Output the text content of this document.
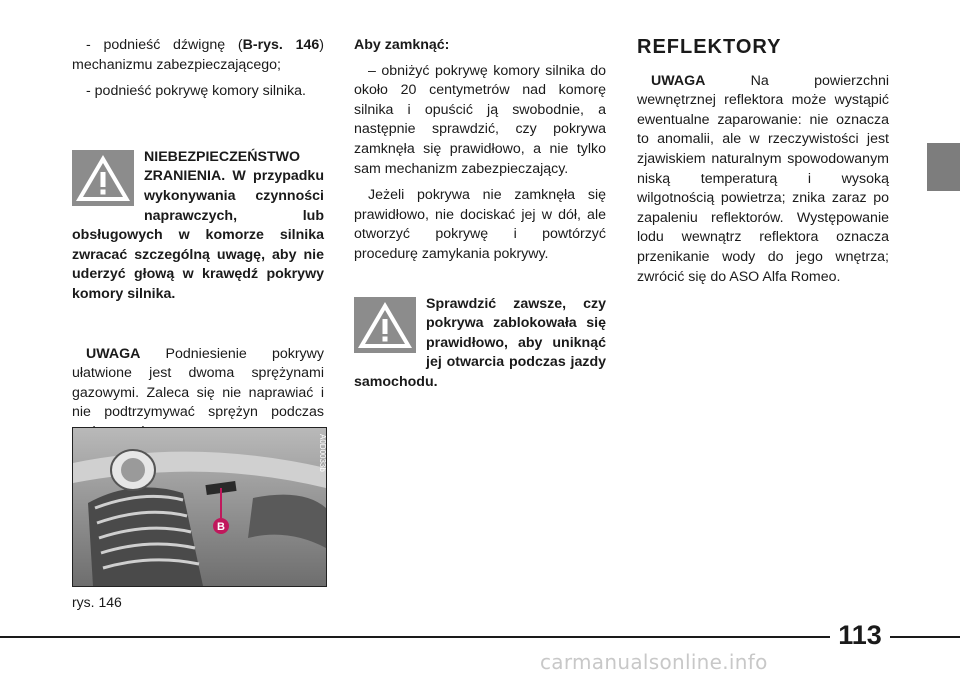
- podnieść dźwignę (B-rys. 146) mechanizmu zabezpieczającego;

- podnieść pokrywę komory silnika.

NIEBEZPIECZEŃSTWO ZRANIENIA. W przypadku wykonywania czynności naprawczych, lub obsługowych w komorze silnika zwracać szczególną uwagę, aby nie uderzyć głową w krawędź pokrywy komory silnika.

UWAGA Podniesienie pokrywy ułatwione jest dwoma sprężynami gazowymi. Zaleca się nie naprawiać i nie podtrzymywać sprężyn podczas

B
A0D0033b
rys. 146

Aby zamknąć:

– obniżyć pokrywę komory silnika do około 20 centymetrów nad komorę silnika i opuścić ją swobodnie, a następnie sprawdzić, czy pokrywa zamknęła się prawidłowo, a nie tylko sam mechanizm zabezpieczający.

Jeżeli pokrywa nie zamknęła się prawidłowo, nie dociskać jej w dół, ale otworzyć pokrywę i powtórzyć procedurę zamykania pokrywy.

Sprawdzić zawsze, czy pokrywa zablokowała się prawidłowo, aby uniknąć jej otwarcia podczas jazdy samochodu.
REFLEKTORY

UWAGA Na powierzchni wewnętrznej reflektora może wystąpić ewentualne zaparowanie: nie oznacza to anomalii, ale w rzeczywistości jest zjawiskiem naturalnym spowodowanym niską temperaturą i wysoką wilgotnością powietrza; znika zaraz po zapaleniu reflektorów. Występowanie lodu wewnątrz reflektora oznacza przenikanie wody do jego wnętrza; zwrócić się do ASO Alfa Romeo.

113
carmanualsonline.info
